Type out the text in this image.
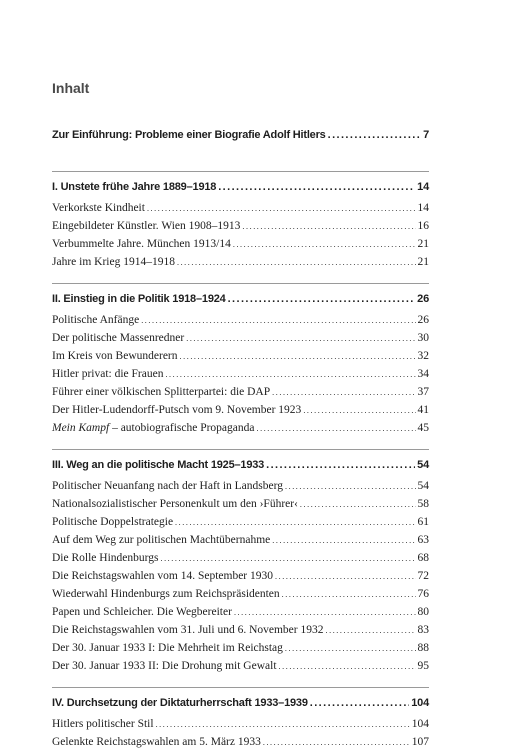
Inhalt
Zur Einführung: Probleme einer Biografie Adolf Hitlers .....	7
I. Unstete frühe Jahre 1889–1918 .....	14
Verkorkste Kindheit . . .	14
Eingebildeter Künstler. Wien 1908–1913 . . .	16
Verbummelte Jahre. München 1913/14 . . .	21
Jahre im Krieg 1914–1918 . . .	21
II. Einstieg in die Politik 1918–1924 .....	26
Politische Anfänge . . .	26
Der politische Massenredner . . .	30
Im Kreis von Bewunderern . . .	32
Hitler privat: die Frauen . . .	34
Führer einer völkischen Splitterpartei: die DAP . . .	37
Der Hitler-Ludendorff-Putsch vom 9. November 1923 . . .	41
Mein Kampf – autobiografische Propaganda . . .	45
III. Weg an die politische Macht 1925–1933 .....	54
Politischer Neuanfang nach der Haft in Landsberg . . .	54
Nationalsozialistischer Personenkult um den ›Führer‹ . . .	58
Politische Doppelstrategie . . .	61
Auf dem Weg zur politischen Machtübernahme . . .	63
Die Rolle Hindenburgs . . .	68
Die Reichstagswahlen vom 14. September 1930 . . .	72
Wiederwahl Hindenburgs zum Reichspräsidenten . . .	76
Papen und Schleicher. Die Wegbereiter . . .	80
Die Reichstagswahlen vom 31. Juli und 6. November 1932 . . .	83
Der 30. Januar 1933 I: Die Mehrheit im Reichstag . . .	88
Der 30. Januar 1933 II: Die Drohung mit Gewalt . . .	95
IV. Durchsetzung der Diktaturherrschaft 1933–1939 .....	104
Hitlers politischer Stil . . .	104
Gelenkte Reichstagswahlen am 5. März 1933 . . .	107
